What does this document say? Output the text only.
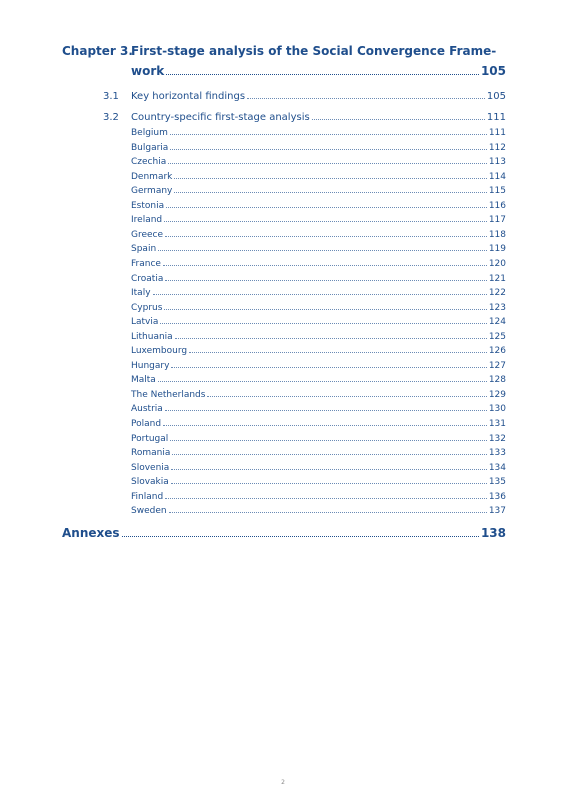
Chapter 3.
First-stage analysis of the Social Convergence Frame-
work	105
3.1	Key horizontal findings	105
3.2	Country-specific first-stage analysis	111
Belgium	111
Bulgaria	112
Czechia	113
Denmark	114
Germany	115
Estonia	116
Ireland	117
Greece	118
Spain	119
France	120
Croatia	121
Italy	122
Cyprus	123
Latvia	124
Lithuania	125
Luxembourg	126
Hungary	127
Malta	128
The Netherlands	129
Austria	130
Poland	131
Portugal	132
Romania	133
Slovenia	134
Slovakia	135
Finland	136
Sweden	137
Annexes	138
2
